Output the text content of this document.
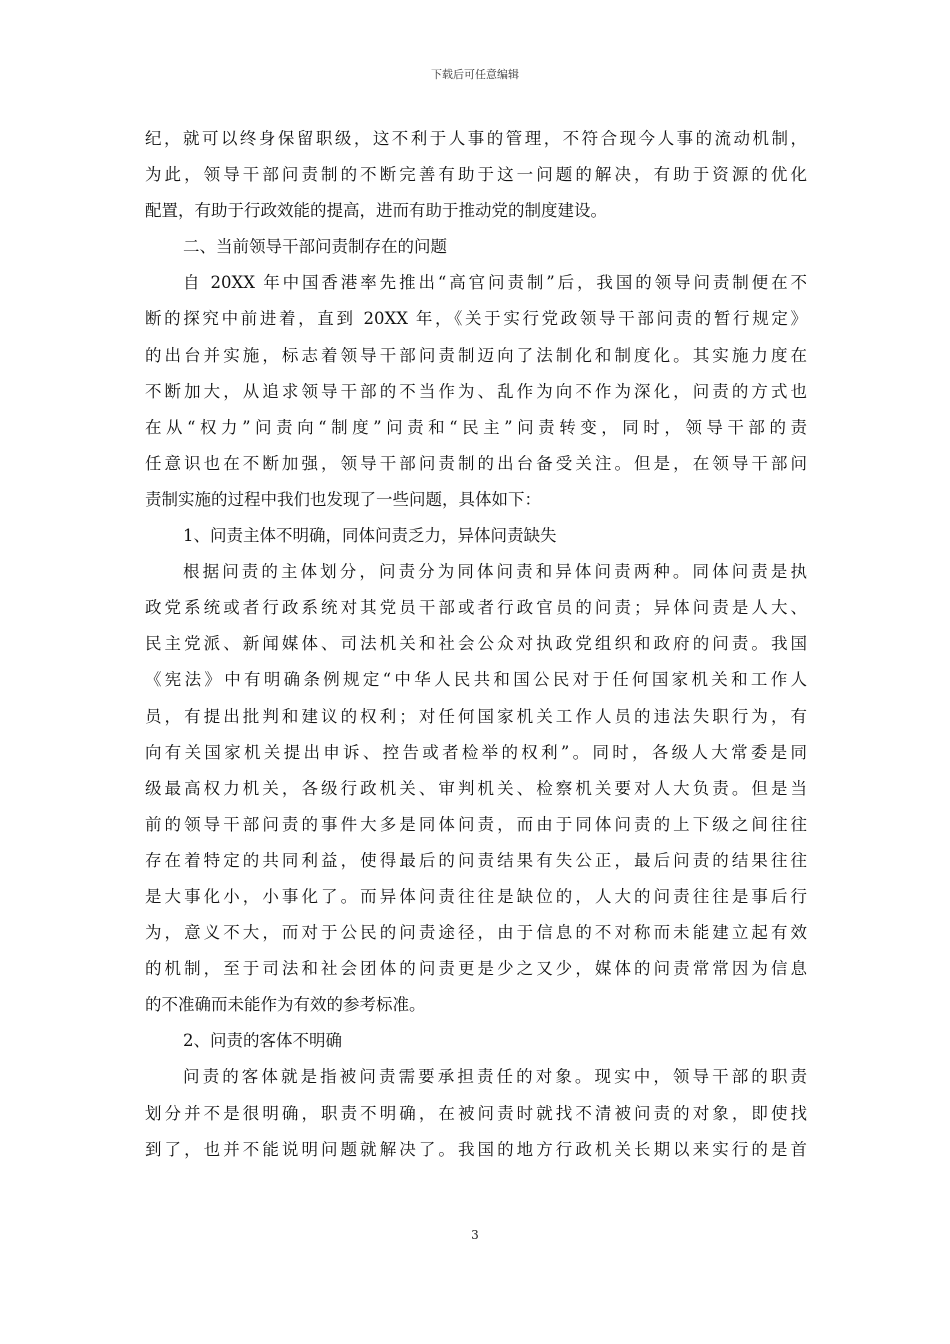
下载后可任意编辑
纪，就可以终身保留职级，这不利于人事的管理，不符合现今人事的流动机制，
为此，领导干部问责制的不断完善有助于这一问题的解决，有助于资源的优化
配置，有助于行政效能的提高，进而有助于推动党的制度建设。
二、当前领导干部问责制存在的问题
自 20XX 年中国香港率先推出“高官问责制”后，我国的领导问责制便在不
断的探究中前进着，直到 20XX 年，《关于实行党政领导干部问责的暂行规定》
的出台并实施，标志着领导干部问责制迈向了法制化和制度化。其实施力度在
不断加大，从追求领导干部的不当作为、乱作为向不作为深化，问责的方式也
在从“权力”问责向“制度”问责和“民主”问责转变，同时，领导干部的责
任意识也在不断加强，领导干部问责制的出台备受关注。但是，在领导干部问
责制实施的过程中我们也发现了一些问题，具体如下：
1、问责主体不明确，同体问责乏力，异体问责缺失
根据问责的主体划分，问责分为同体问责和异体问责两种。同体问责是执
政党系统或者行政系统对其党员干部或者行政官员的问责；异体问责是人大、
民主党派、新闻媒体、司法机关和社会公众对执政党组织和政府的问责。我国
《宪法》中有明确条例规定“中华人民共和国公民对于任何国家机关和工作人
员，有提出批判和建议的权利；对任何国家机关工作人员的违法失职行为，有
向有关国家机关提出申诉、控告或者检举的权利”。同时，各级人大常委是同
级最高权力机关，各级行政机关、审判机关、检察机关要对人大负责。但是当
前的领导干部问责的事件大多是同体问责，而由于同体问责的上下级之间往往
存在着特定的共同利益，使得最后的问责结果有失公正，最后问责的结果往往
是大事化小，小事化了。而异体问责往往是缺位的，人大的问责往往是事后行
为，意义不大，而对于公民的问责途径，由于信息的不对称而未能建立起有效
的机制，至于司法和社会团体的问责更是少之又少，媒体的问责常常因为信息
的不准确而未能作为有效的参考标准。
2、问责的客体不明确
问责的客体就是指被问责需要承担责任的对象。现实中，领导干部的职责
划分并不是很明确，职责不明确，在被问责时就找不清被问责的对象，即使找
到了，也并不能说明问题就解决了。我国的地方行政机关长期以来实行的是首
3
